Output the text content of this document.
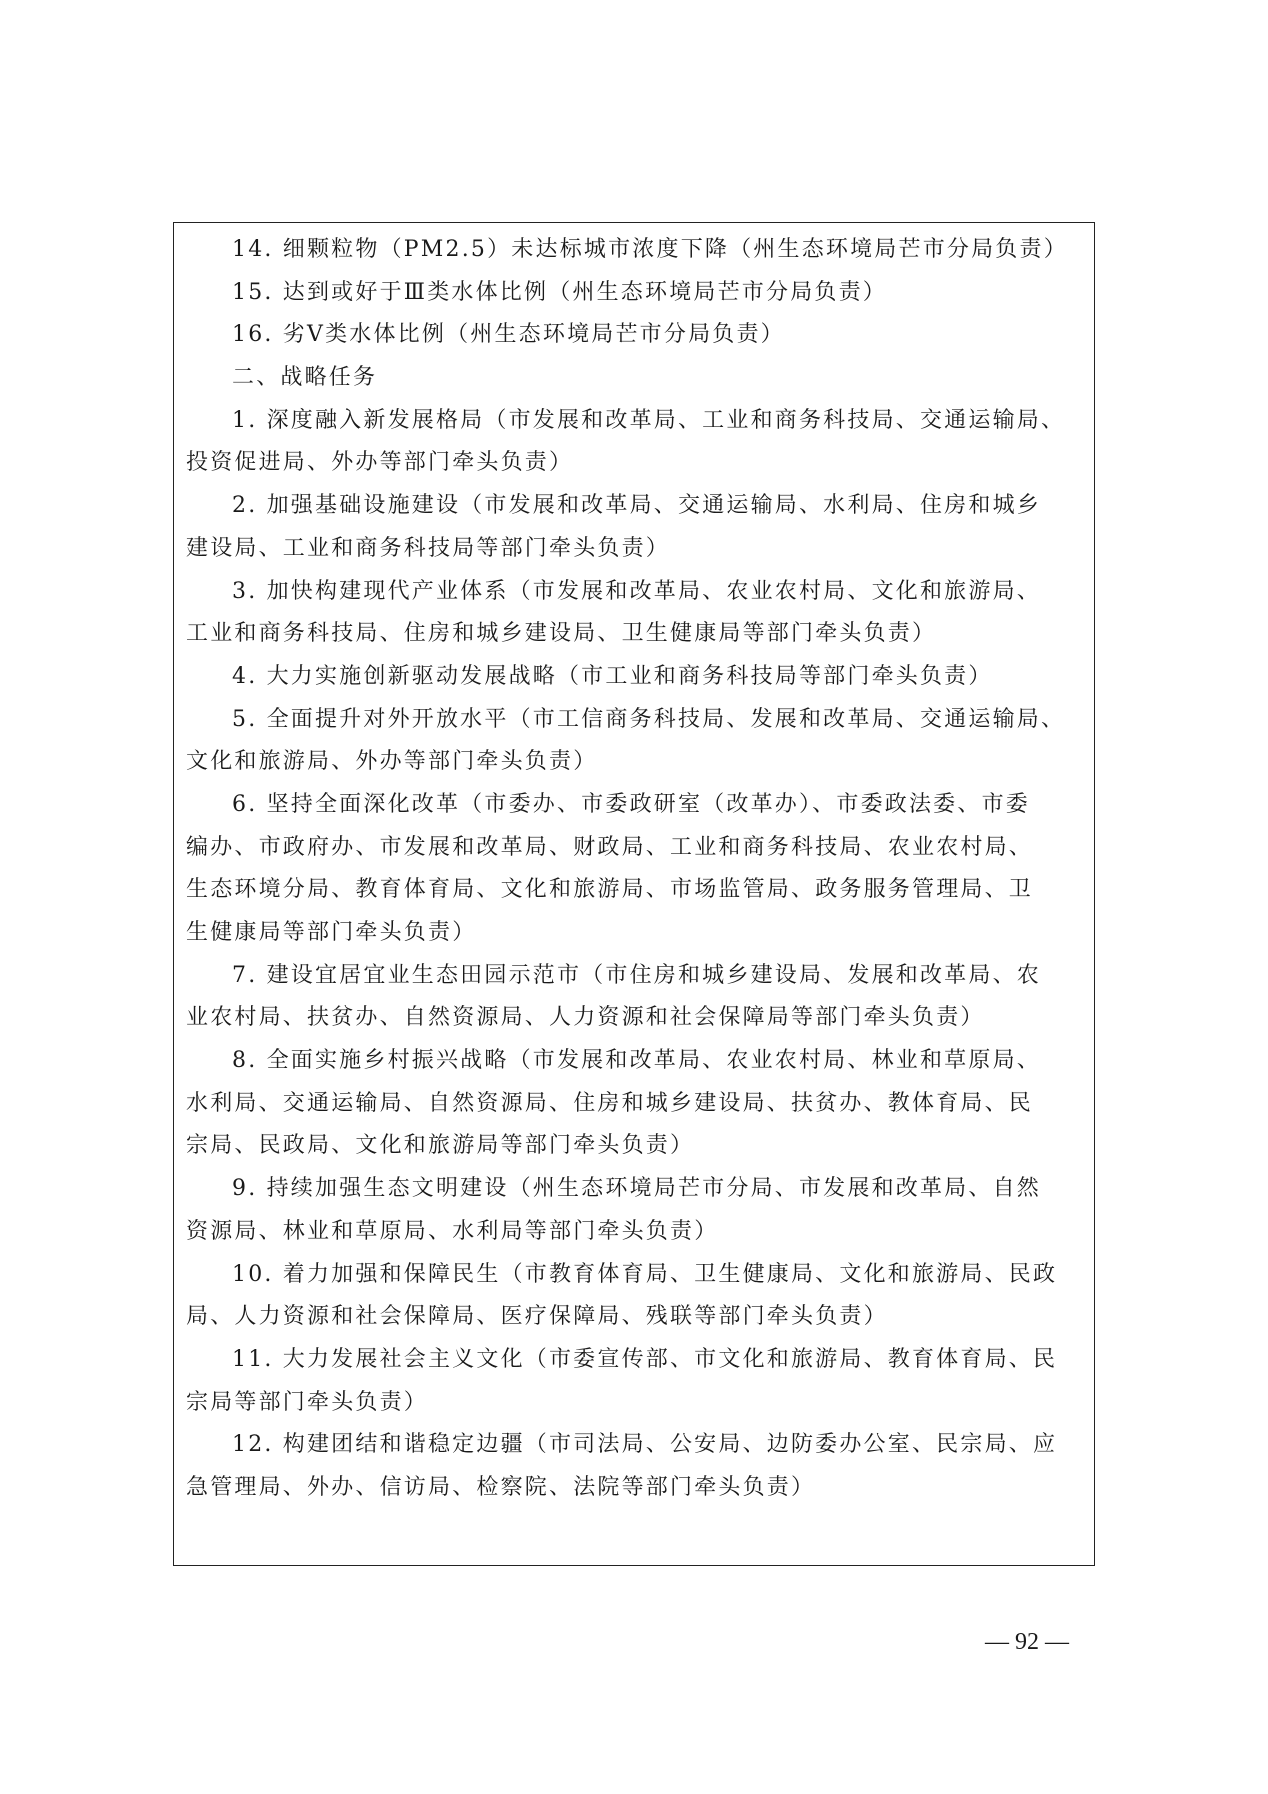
14. 细颗粒物（PM2.5）未达标城市浓度下降（州生态环境局芒市分局负责）
15. 达到或好于Ⅲ类水体比例（州生态环境局芒市分局负责）
16. 劣Ⅴ类水体比例（州生态环境局芒市分局负责）
二、战略任务
1. 深度融入新发展格局（市发展和改革局、工业和商务科技局、交通运输局、
投资促进局、外办等部门牵头负责）
2. 加强基础设施建设（市发展和改革局、交通运输局、水利局、住房和城乡
建设局、工业和商务科技局等部门牵头负责）
3. 加快构建现代产业体系（市发展和改革局、农业农村局、文化和旅游局、
工业和商务科技局、住房和城乡建设局、卫生健康局等部门牵头负责）
4. 大力实施创新驱动发展战略（市工业和商务科技局等部门牵头负责）
5. 全面提升对外开放水平（市工信商务科技局、发展和改革局、交通运输局、
文化和旅游局、外办等部门牵头负责）
6. 坚持全面深化改革（市委办、市委政研室（改革办）、市委政法委、市委
编办、市政府办、市发展和改革局、财政局、工业和商务科技局、农业农村局、
生态环境分局、教育体育局、文化和旅游局、市场监管局、政务服务管理局、卫
生健康局等部门牵头负责）
7. 建设宜居宜业生态田园示范市（市住房和城乡建设局、发展和改革局、农
业农村局、扶贫办、自然资源局、人力资源和社会保障局等部门牵头负责）
8. 全面实施乡村振兴战略（市发展和改革局、农业农村局、林业和草原局、
水利局、交通运输局、自然资源局、住房和城乡建设局、扶贫办、教体育局、民
宗局、民政局、文化和旅游局等部门牵头负责）
9. 持续加强生态文明建设（州生态环境局芒市分局、市发展和改革局、自然
资源局、林业和草原局、水利局等部门牵头负责）
10. 着力加强和保障民生（市教育体育局、卫生健康局、文化和旅游局、民政
局、人力资源和社会保障局、医疗保障局、残联等部门牵头负责）
11. 大力发展社会主义文化（市委宣传部、市文化和旅游局、教育体育局、民
宗局等部门牵头负责）
12. 构建团结和谐稳定边疆（市司法局、公安局、边防委办公室、民宗局、应
急管理局、外办、信访局、检察院、法院等部门牵头负责）
— 92 —
